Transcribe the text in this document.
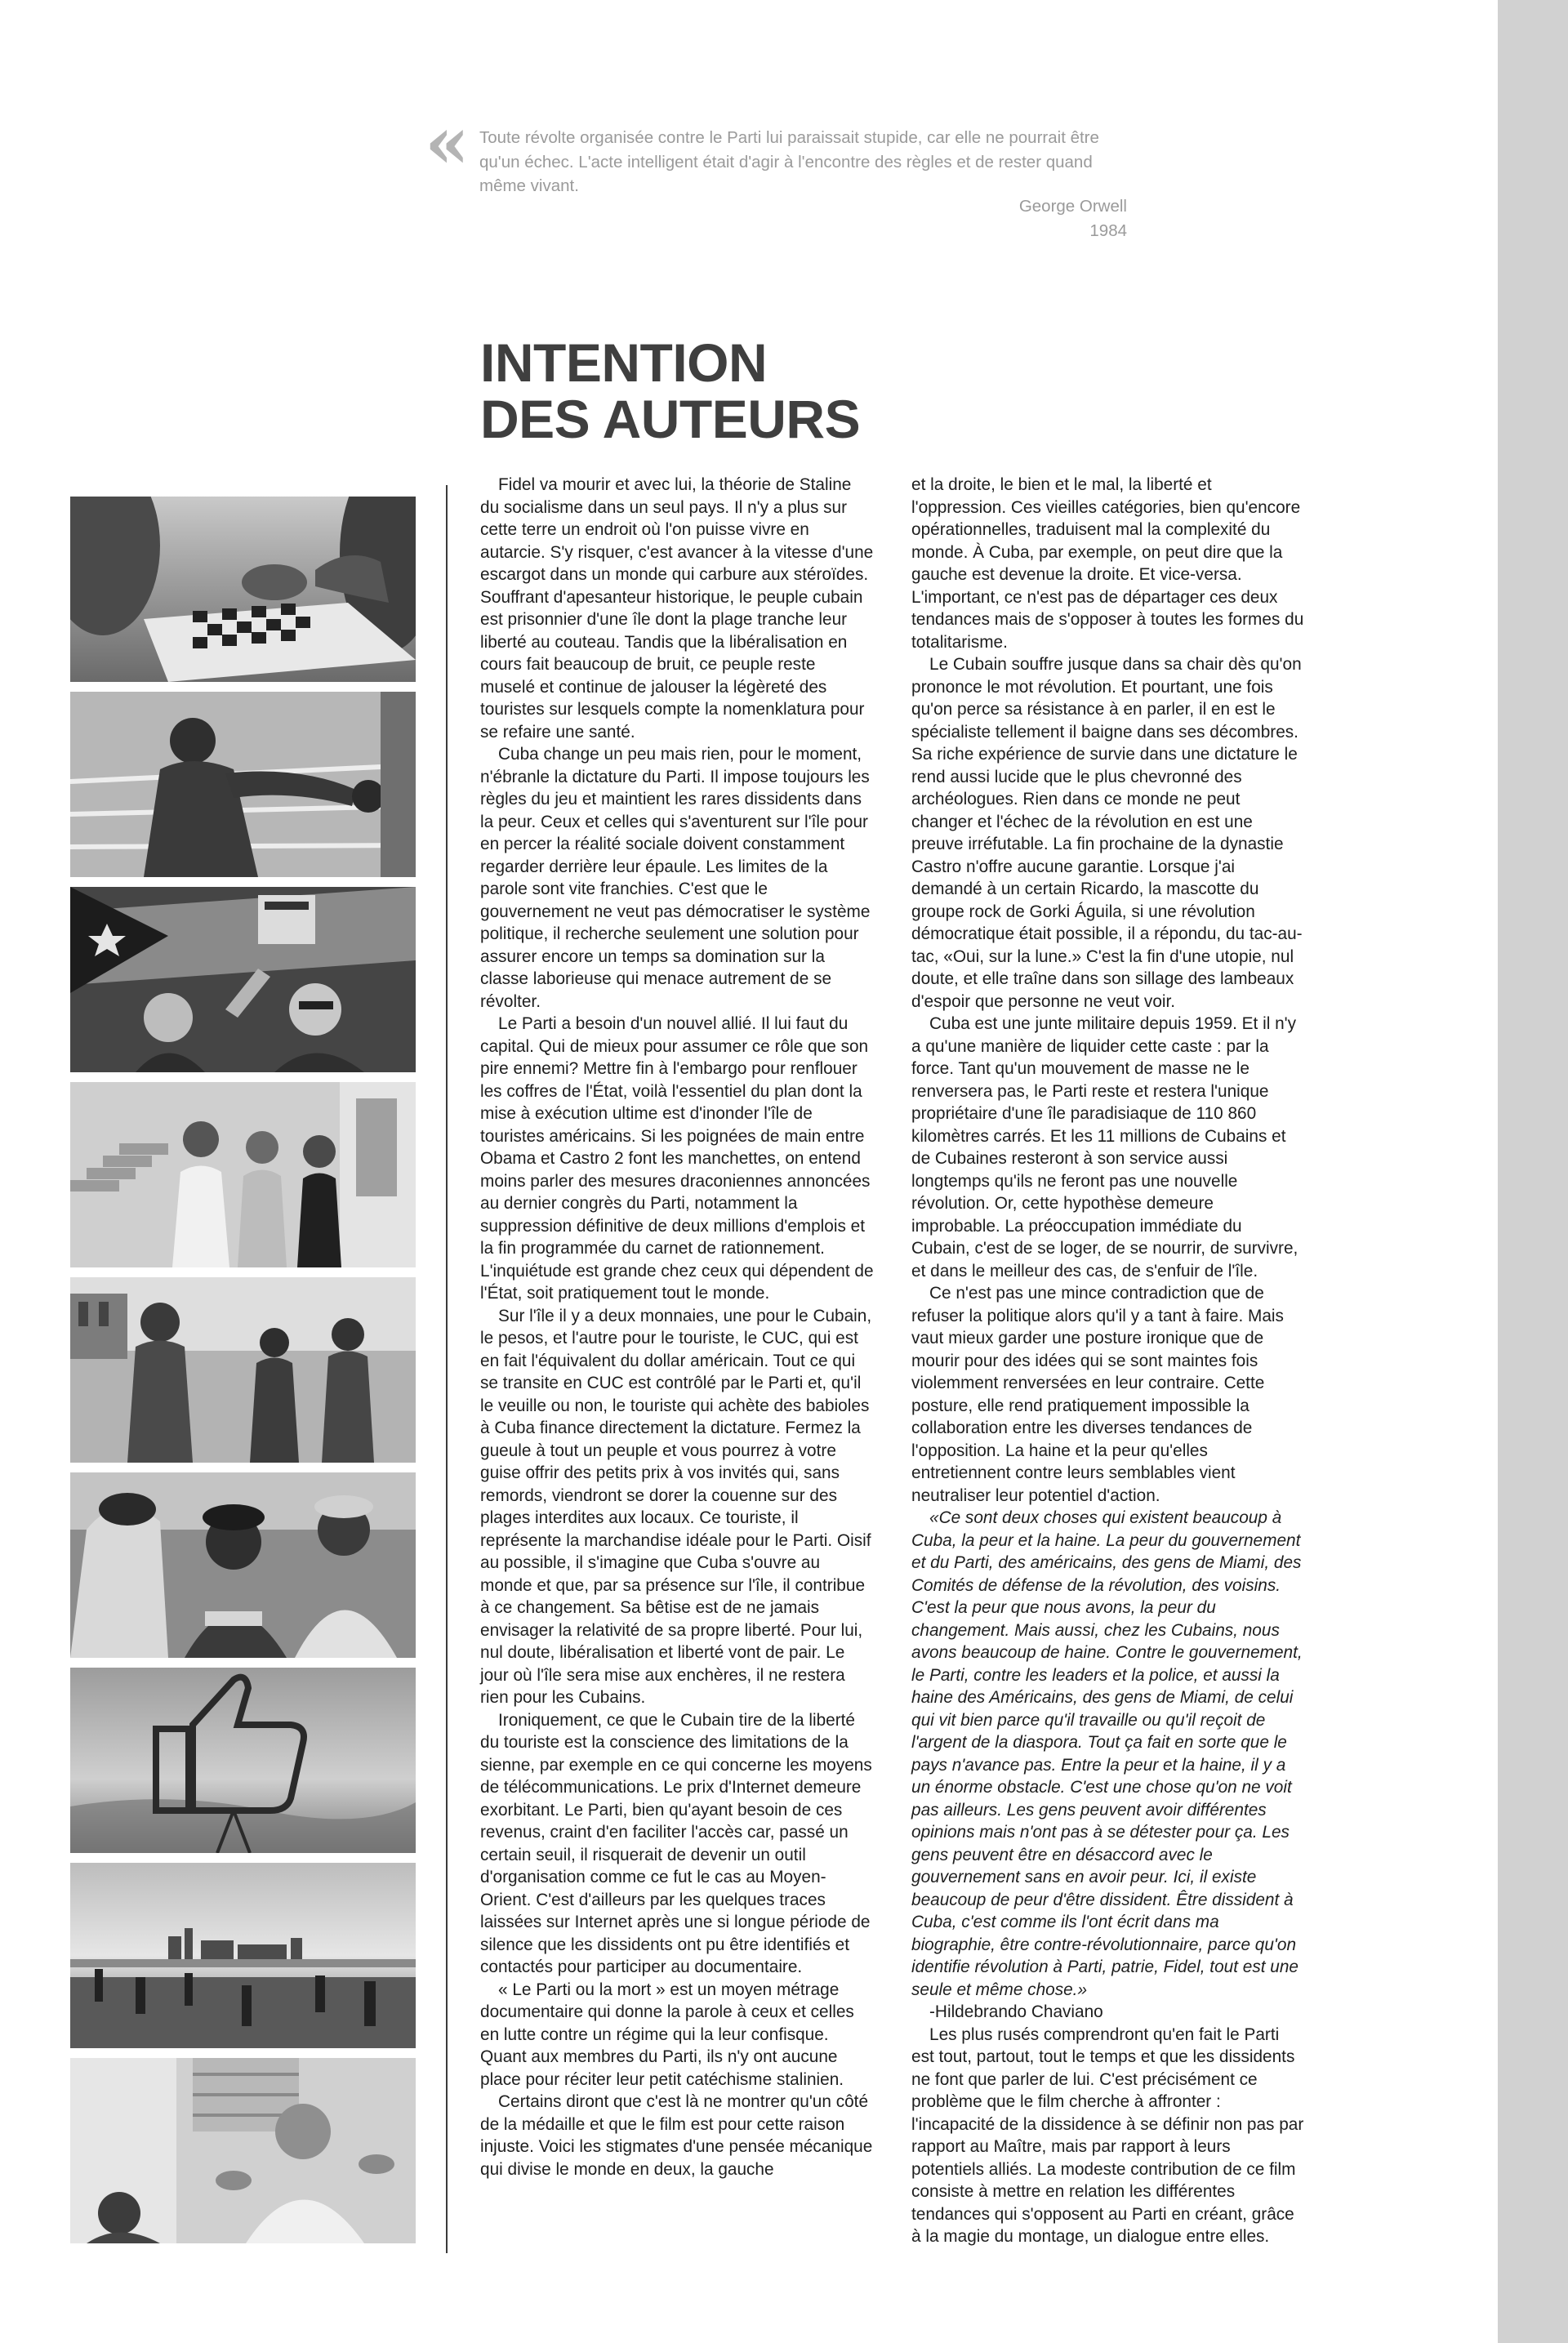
« Toute révolte organisée contre le Parti lui paraissait stupide, car elle ne pourrait être qu'un échec. L'acte intelligent était d'agir à l'encontre des règles et de rester quand même vivant.
George Orwell
1984
INTENTION
DES AUTEURS

Fidel va mourir et avec lui, la théorie de Staline du socialisme dans un seul pays. Il n'y a plus sur cette terre un endroit où l'on puisse vivre en autarcie. S'y risquer, c'est avancer à la vitesse d'une escargot dans un monde qui carbure aux stéroïdes. Souffrant d'apesanteur historique, le peuple cubain est prisonnier d'une île dont la plage tranche leur liberté au couteau. Tandis que la libéralisation en cours fait beaucoup de bruit, ce peuple reste muselé et continue de jalouser la légèreté des touristes sur lesquels compte la nomenklatura pour se refaire une santé.

Cuba change un peu mais rien, pour le moment, n'ébranle la dictature du Parti. Il impose toujours les règles du jeu et maintient les rares dissidents dans la peur. Ceux et celles qui s'aventurent sur l'île pour en percer la réalité sociale doivent constamment regarder derrière leur épaule. Les limites de la parole sont vite franchies. C'est que le gouvernement ne veut pas démocratiser le système politique, il recherche seulement une solution pour assurer encore un temps sa domination sur la classe laborieuse qui menace autrement de se révolter.

Le Parti a besoin d'un nouvel allié. Il lui faut du capital. Qui de mieux pour assumer ce rôle que son pire ennemi? Mettre fin à l'embargo pour renflouer les coffres de l'État, voilà l'essentiel du plan dont la mise à exécution ultime est d'inonder l'île de touristes américains. Si les poignées de main entre Obama et Castro 2 font les manchettes, on entend moins parler des mesures draconiennes annoncées au dernier congrès du Parti, notamment la suppression définitive de deux millions d'emplois et la fin programmée du carnet de rationnement. L'inquiétude est grande chez ceux qui dépendent de l'État, soit pratiquement tout le monde.

Sur l'île il y a deux monnaies, une pour le Cubain, le pesos, et l'autre pour le touriste, le CUC, qui est en fait l'équivalent du dollar américain. Tout ce qui se transite en CUC est contrôlé par le Parti et, qu'il le veuille ou non, le touriste qui achète des babioles à Cuba finance directement la dictature. Fermez la gueule à tout un peuple et vous pourrez à votre guise offrir des petits prix à vos invités qui, sans remords, viendront se dorer la couenne sur des plages interdites aux locaux. Ce touriste, il représente la marchandise idéale pour le Parti. Oisif au possible, il s'imagine que Cuba s'ouvre au monde et que, par sa présence sur l'île, il contribue à ce changement. Sa bêtise est de ne jamais envisager la relativité de sa propre liberté. Pour lui, nul doute, libéralisation et liberté vont de pair. Le jour où l'île sera mise aux enchères, il ne restera rien pour les Cubains.

Ironiquement, ce que le Cubain tire de la liberté du touriste est la conscience des limitations de la sienne, par exemple en ce qui concerne les moyens de télécommunications. Le prix d'Internet demeure exorbitant. Le Parti, bien qu'ayant besoin de ces revenus, craint d'en faciliter l'accès car, passé un certain seuil, il risquerait de devenir un outil d'organisation comme ce fut le cas au Moyen-Orient. C'est d'ailleurs par les quelques traces laissées sur Internet après une si longue période de silence que les dissidents ont pu être identifiés et contactés pour participer au documentaire.

« Le Parti ou la mort » est un moyen métrage documentaire qui donne la parole à ceux et celles en lutte contre un régime qui la leur confisque. Quant aux membres du Parti, ils n'y ont aucune place pour réciter leur petit catéchisme stalinien.

Certains diront que c'est là ne montrer qu'un côté de la médaille et que le film est pour cette raison injuste. Voici les stigmates d'une pensée mécanique qui divise le monde en deux, la gauche

et la droite, le bien et le mal, la liberté et l'oppression. Ces vieilles catégories, bien qu'encore opérationnelles, traduisent mal la complexité du monde. À Cuba, par exemple, on peut dire que la gauche est devenue la droite. Et vice-versa. L'important, ce n'est pas de départager ces deux tendances mais de s'opposer à toutes les formes du totalitarisme.

Le Cubain souffre jusque dans sa chair dès qu'on prononce le mot révolution. Et pourtant, une fois qu'on perce sa résistance à en parler, il en est le spécialiste tellement il baigne dans ses décombres. Sa riche expérience de survie dans une dictature le rend aussi lucide que le plus chevronné des archéologues. Rien dans ce monde ne peut changer et l'échec de la révolution en est une preuve irréfutable. La fin prochaine de la dynastie Castro n'offre aucune garantie. Lorsque j'ai demandé à un certain Ricardo, la mascotte du groupe rock de Gorki Águila, si une révolution démocratique était possible, il a répondu, du tac-au-tac, «Oui, sur la lune.» C'est la fin d'une utopie, nul doute, et elle traîne dans son sillage des lambeaux d'espoir que personne ne veut voir.

Cuba est une junte militaire depuis 1959. Et il n'y a qu'une manière de liquider cette caste : par la force. Tant qu'un mouvement de masse ne le renversera pas, le Parti reste et restera l'unique propriétaire d'une île paradisiaque de 110 860 kilomètres carrés. Et les 11 millions de Cubains et de Cubaines resteront à son service aussi longtemps qu'ils ne feront pas une nouvelle révolution. Or, cette hypothèse demeure improbable. La préoccupation immédiate du Cubain, c'est de se loger, de se nourrir, de survivre, et dans le meilleur des cas, de s'enfuir de l'île.

Ce n'est pas une mince contradiction que de refuser la politique alors qu'il y a tant à faire. Mais vaut mieux garder une posture ironique que de mourir pour des idées qui se sont maintes fois violemment renversées en leur contraire. Cette posture, elle rend pratiquement impossible la collaboration entre les diverses tendances de l'opposition. La haine et la peur qu'elles entretiennent contre leurs semblables vient neutraliser leur potentiel d'action.

«Ce sont deux choses qui existent beaucoup à Cuba, la peur et la haine. La peur du gouvernement et du Parti, des américains, des gens de Miami, des Comités de défense de la révolution, des voisins. C'est la peur que nous avons, la peur du changement. Mais aussi, chez les Cubains, nous avons beaucoup de haine. Contre le gouvernement, le Parti, contre les leaders et la police, et aussi la haine des Américains, des gens de Miami, de celui qui vit bien parce qu'il travaille ou qu'il reçoit de l'argent de la diaspora. Tout ça fait en sorte que le pays n'avance pas. Entre la peur et la haine, il y a un énorme obstacle. C'est une chose qu'on ne voit pas ailleurs. Les gens peuvent avoir différentes opinions mais n'ont pas à se détester pour ça. Les gens peuvent être en désaccord avec le gouvernement sans en avoir peur. Ici, il existe beaucoup de peur d'être dissident. Être dissident à Cuba, c'est comme ils l'ont écrit dans ma biographie, être contre-révolutionnaire, parce qu'on identifie révolution à Parti, patrie, Fidel, tout est une seule et même chose.»

-Hildebrando Chaviano

Les plus rusés comprendront qu'en fait le Parti est tout, partout, tout le temps et que les dissidents ne font que parler de lui. C'est précisément ce problème que le film cherche à affronter : l'incapacité de la dissidence à se définir non pas par rapport au Maître, mais par rapport à leurs potentiels alliés. La modeste contribution de ce film consiste à mettre en relation les différentes tendances qui s'opposent au Parti en créant, grâce à la magie du montage, un dialogue entre elles.
